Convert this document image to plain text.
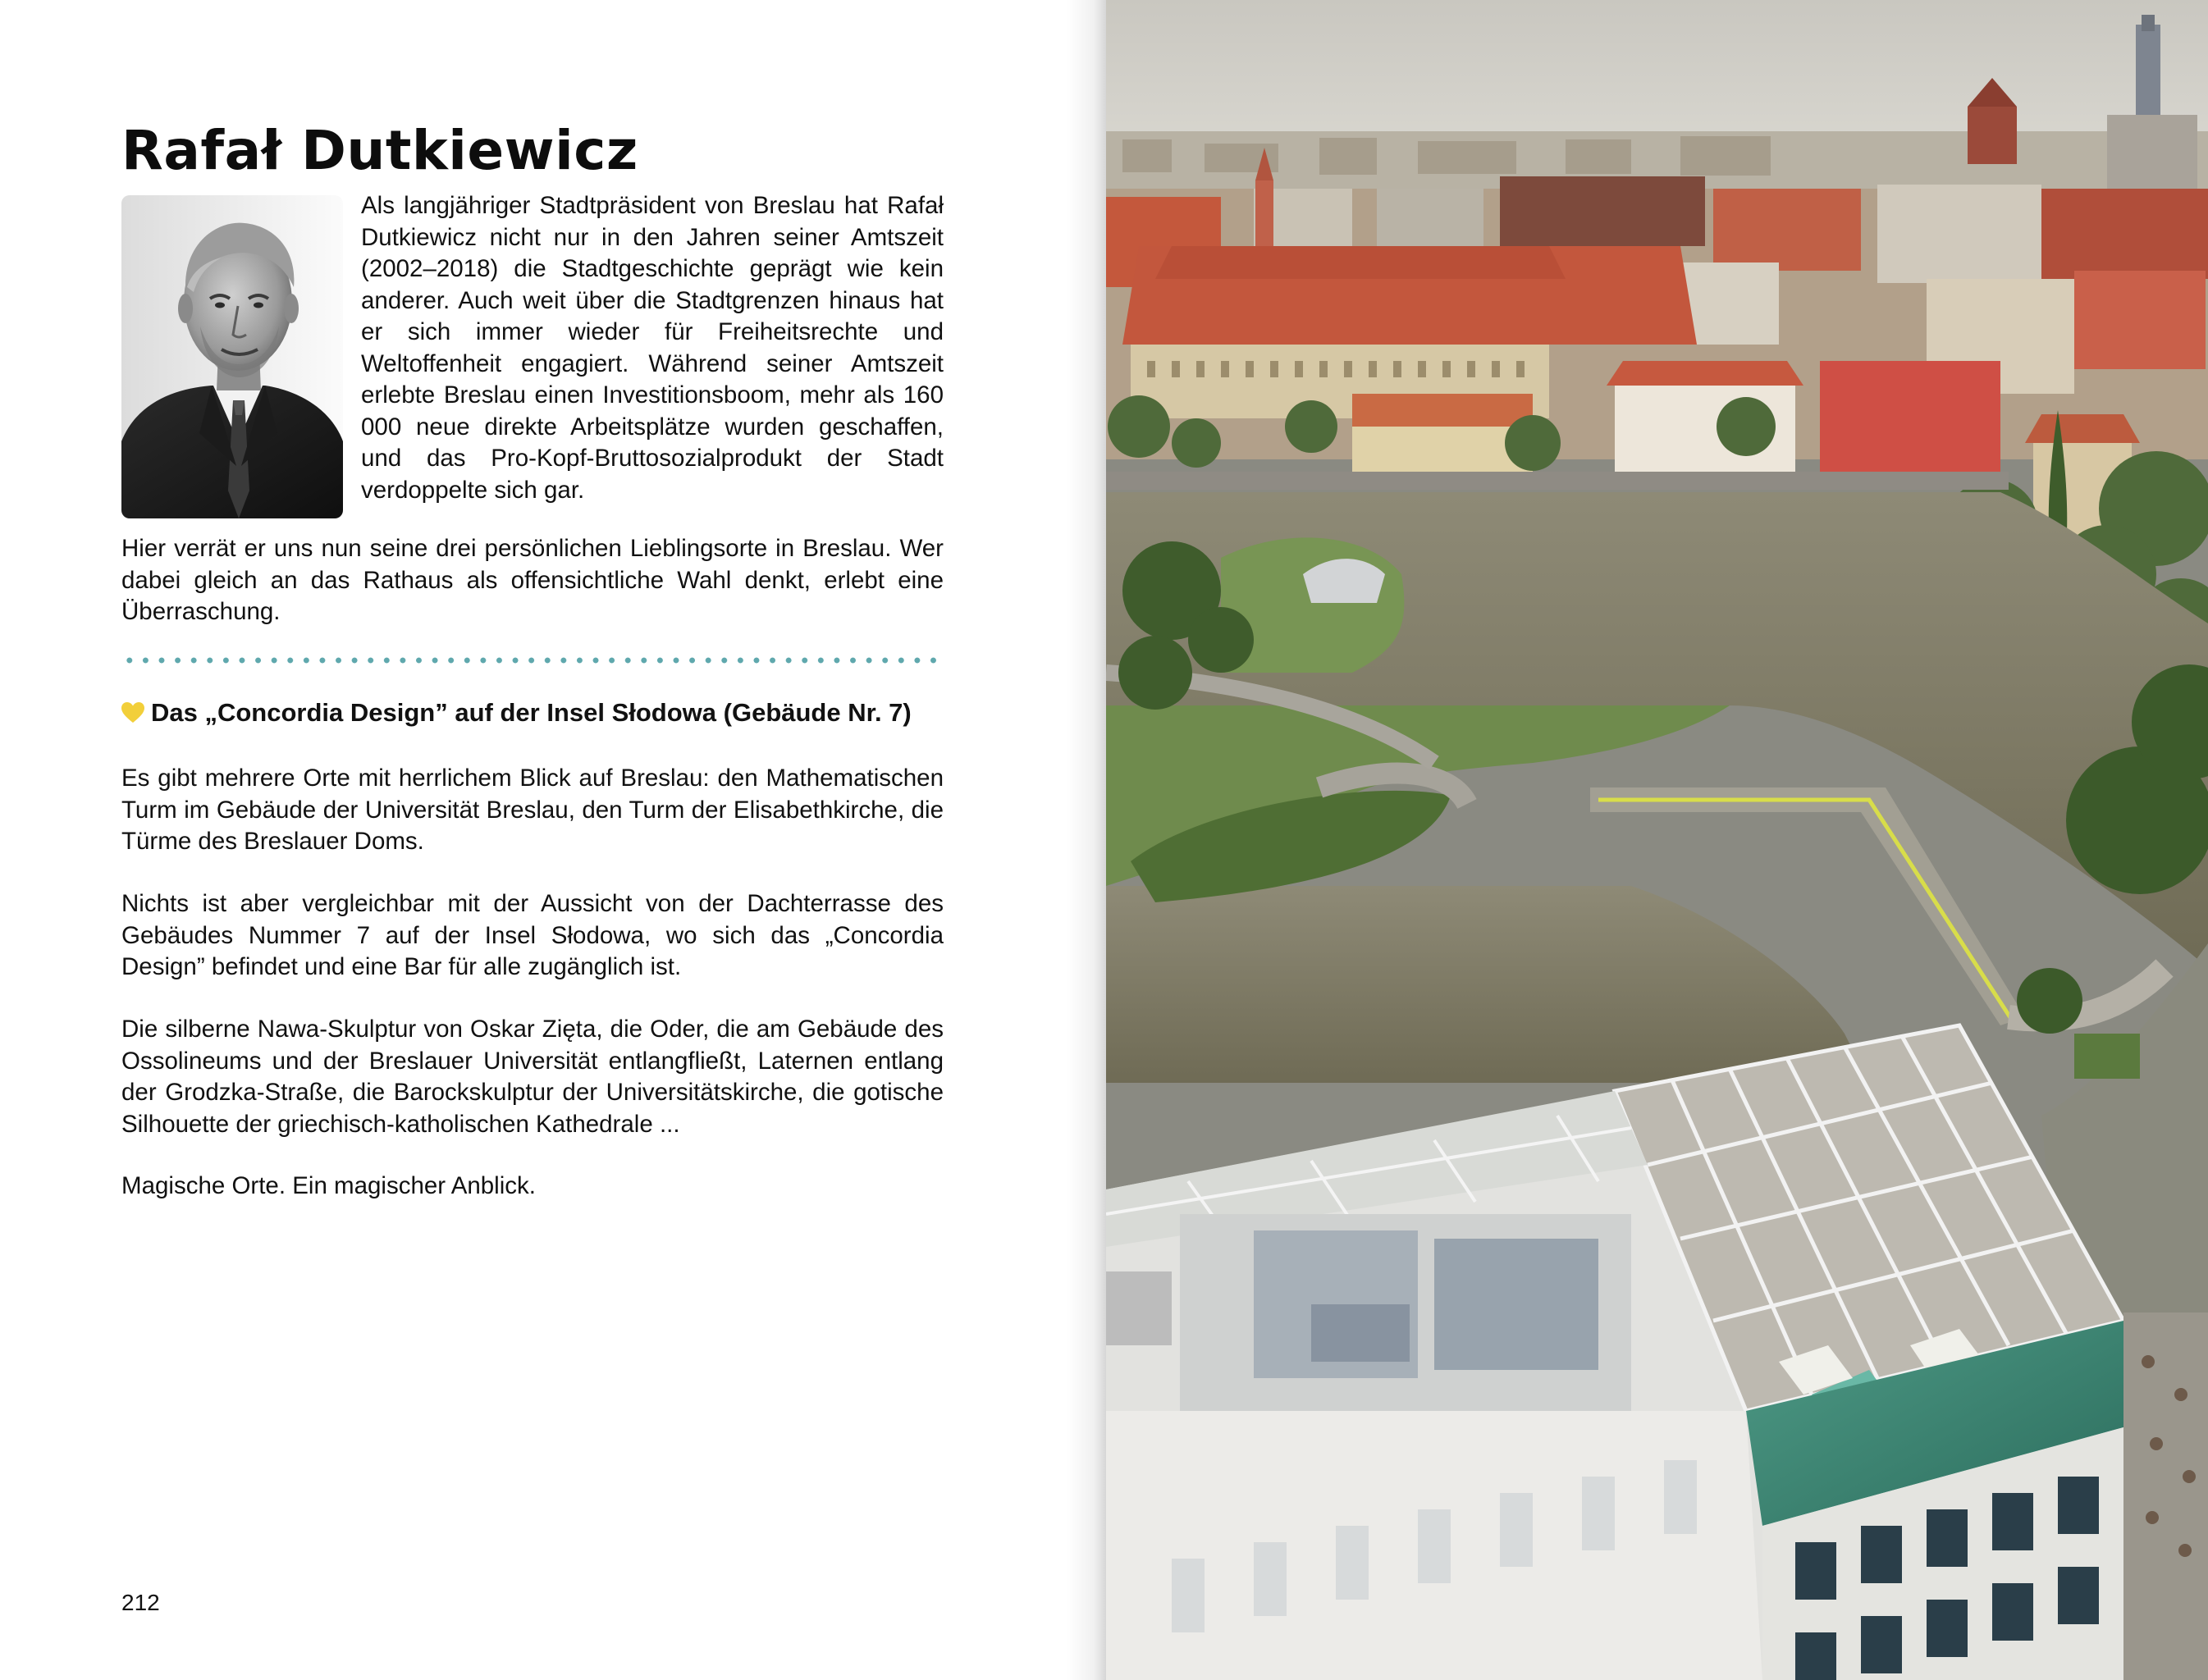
Rafał Dutkiewicz

Als langjähriger Stadtpräsident von Breslau hat Rafał Dutkiewicz nicht nur in den Jahren seiner Amtszeit (2002–2018) die Stadtgeschichte geprägt wie kein anderer. Auch weit über die Stadtgrenzen hinaus hat er sich immer wieder für Freiheitsrechte und Weltoffenheit engagiert. Während seiner Amtszeit erlebte Breslau einen Investitionsboom, mehr als 160 000 neue direkte Arbeitsplätze wurden geschaffen, und das Pro-Kopf-Bruttosozialprodukt der Stadt verdoppelte sich gar.

Hier verrät er uns nun seine drei persönlichen Lieblingsorte in Breslau. Wer dabei gleich an das Rathaus als offensichtliche Wahl denkt, erlebt eine Überraschung.

Das „Concordia Design” auf der Insel Słodowa (Gebäude Nr. 7)

Es gibt mehrere Orte mit herrlichem Blick auf Breslau: den Mathematischen Turm im Gebäude der Universität Breslau, den Turm der Elisabethkirche, die Türme des Breslauer Doms.

Nichts ist aber vergleichbar mit der Aussicht von der Dachterrasse des Gebäudes Nummer 7 auf der Insel Słodowa, wo sich das „Concordia Design” befindet und eine Bar für alle zugänglich ist.

Die silberne Nawa-Skulptur von Oskar Zięta, die Oder, die am Gebäude des Ossolineums und der Breslauer Universität entlangfließt, Laternen entlang der Grodzka-Straße, die Barockskulptur der Universitätskirche, die gotische Silhouette der griechisch-katholischen Kathedrale ...

Magische Orte. Ein magischer Anblick.

212
